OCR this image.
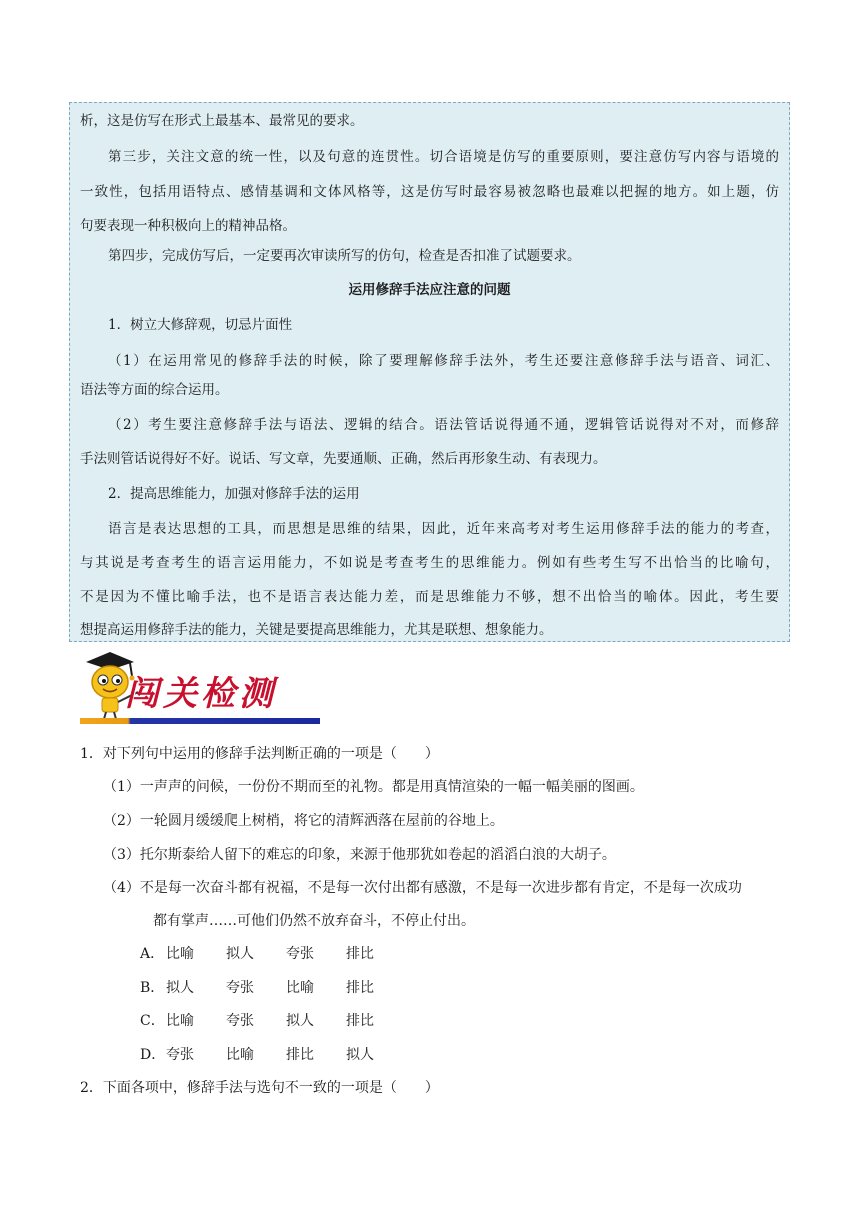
析，这是仿写在形式上最基本、最常见的要求。
第三步，关注文意的统一性，以及句意的连贯性。切合语境是仿写的重要原则，要注意仿写内容与语境的
一致性，包括用语特点、感情基调和文体风格等，这是仿写时最容易被忽略也最难以把握的地方。如上题，仿
句要表现一种积极向上的精神品格。
第四步，完成仿写后，一定要再次审读所写的仿句，检查是否扣准了试题要求。
运用修辞手法应注意的问题
1．树立大修辞观，切忌片面性
（1）在运用常见的修辞手法的时候，除了要理解修辞手法外，考生还要注意修辞手法与语音、词汇、
语法等方面的综合运用。
（2）考生要注意修辞手法与语法、逻辑的结合。语法管话说得通不通，逻辑管话说得对不对，而修辞
手法则管话说得好不好。说话、写文章，先要通顺、正确，然后再形象生动、有表现力。
2．提高思维能力，加强对修辞手法的运用
语言是表达思想的工具，而思想是思维的结果，因此，近年来高考对考生运用修辞手法的能力的考查，
与其说是考查考生的语言运用能力，不如说是考查考生的思维能力。例如有些考生写不出恰当的比喻句，
不是因为不懂比喻手法，也不是语言表达能力差，而是思维能力不够，想不出恰当的喻体。因此，考生要
想提高运用修辞手法的能力，关键是要提高思维能力，尤其是联想、想象能力。
闯关检测
1．对下列句中运用的修辞手法判断正确的一项是（　　）
（1）一声声的问候，一份份不期而至的礼物。都是用真情渲染的一幅一幅美丽的图画。
（2）一轮圆月缓缓爬上树梢，将它的清辉洒落在屋前的谷地上。
（3）托尔斯泰给人留下的难忘的印象，来源于他那犹如卷起的滔滔白浪的大胡子。
（4）不是每一次奋斗都有祝福，不是每一次付出都有感激，不是每一次进步都有肯定，不是每一次成功
都有掌声……可他们仍然不放弃奋斗，不停止付出。
A． 比喻 拟人 夸张 排比
B． 拟人 夸张 比喻 排比
C．比喻 夸张 拟人 排比
D．夸张 比喻 排比 拟人
2．下面各项中，修辞手法与选句不一致的一项是（　　）
